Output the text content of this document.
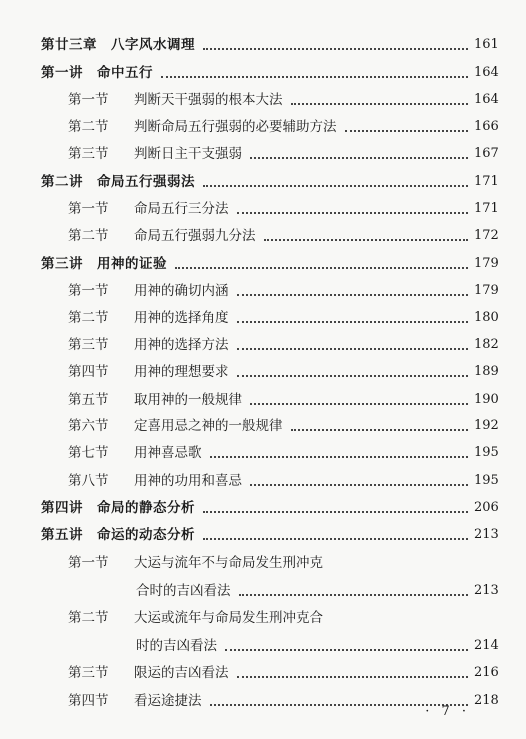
第廿三章 八字风水调理	161
第一讲 命中五行	164
第一节	判断天干强弱的根本大法	164
第二节	判断命局五行强弱的必要辅助方法	166
第三节	判断日主干支强弱	167
第二讲 命局五行强弱法	171
第一节	命局五行三分法	171
第二节	命局五行强弱九分法	172
第三讲 用神的证验	179
第一节	用神的确切内涵	179
第二节	用神的选择角度	180
第三节	用神的选择方法	182
第四节	用神的理想要求	189
第五节	取用神的一般规律	190
第六节	定喜用忌之神的一般规律	192
第七节	用神喜忌歌	195
第八节	用神的功用和喜忌	195
第四讲 命局的静态分析	206
第五讲 命运的动态分析	213
第一节	大运与流年不与命局发生刑冲克
合时的吉凶看法	213
第二节	大运或流年与命局发生刑冲克合
时的吉凶看法	214
第三节	限运的吉凶看法	216
第四节	看运途捷法	218
· 7 ·
